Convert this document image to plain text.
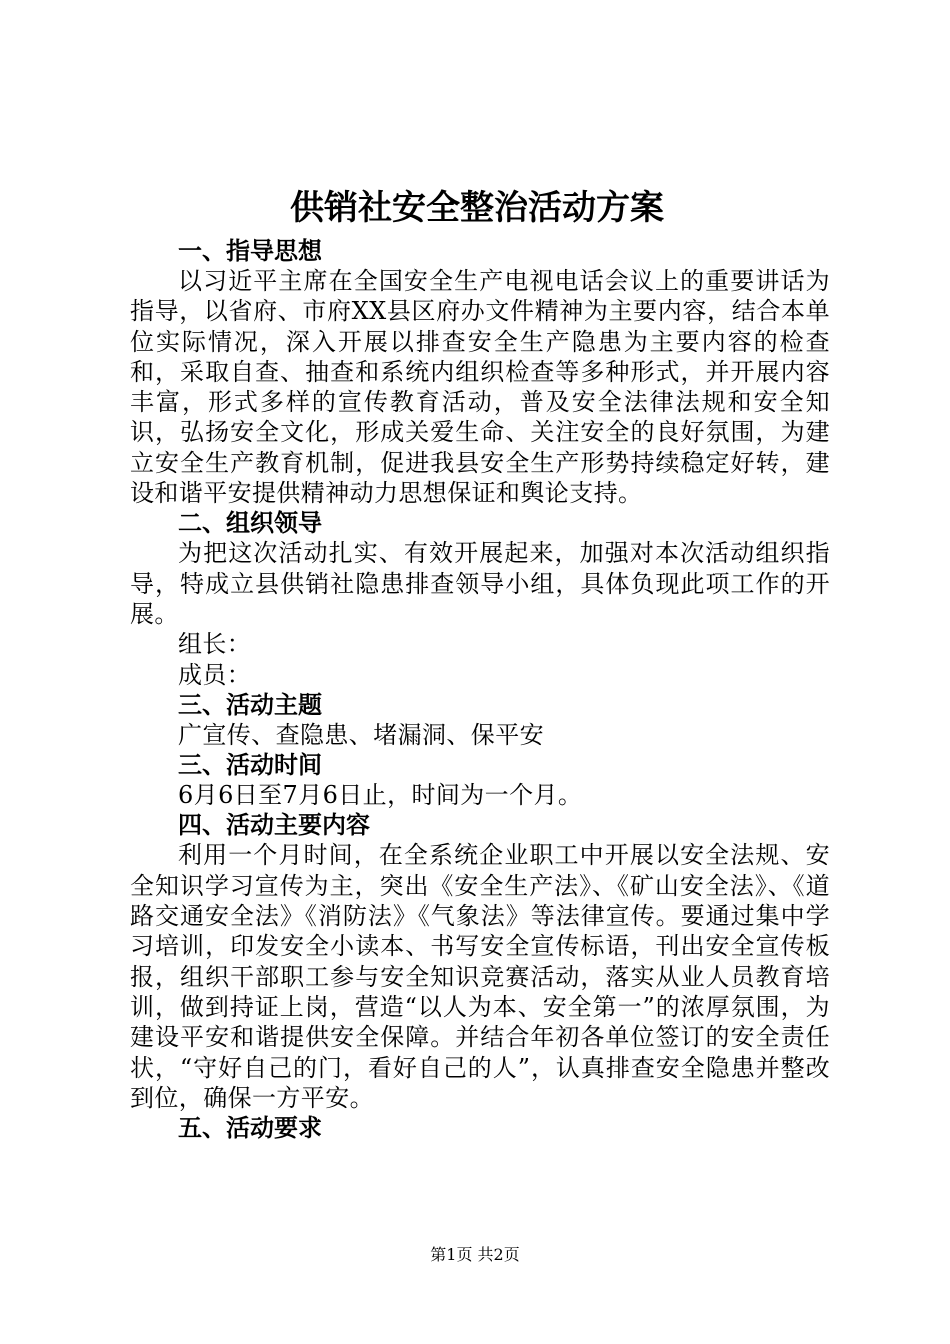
供销社安全整治活动方案
一、指导思想

以习近平主席在全国安全生产电视电话会议上的重要讲话为指导，以省府、市府XX县区府办文件精神为主要内容，结合本单位实际情况，深入开展以排查安全生产隐患为主要内容的检查和，采取自查、抽查和系统内组织检查等多种形式，并开展内容丰富，形式多样的宣传教育活动，普及安全法律法规和安全知识，弘扬安全文化，形成关爱生命、关注安全的良好氛围，为建立安全生产教育机制，促进我县安全生产形势持续稳定好转，建设和谐平安提供精神动力思想保证和舆论支持。

二、组织领导

为把这次活动扎实、有效开展起来，加强对本次活动组织指导，特成立县供销社隐患排查领导小组，具体负现此项工作的开展。

组长：

成员：

三、活动主题

广宣传、查隐患、堵漏洞、保平安

三、活动时间

6月6日至7月6日止，时间为一个月。

四、活动主要内容

利用一个月时间，在全系统企业职工中开展以安全法规、安全知识学习宣传为主，突出《安全生产法》、《矿山安全法》、《道路交通安全法》《消防法》《气象法》等法律宣传。要通过集中学习培训，印发安全小读本、书写安全宣传标语，刊出安全宣传板报，组织干部职工参与安全知识竞赛活动，落实从业人员教育培训，做到持证上岗，营造“以人为本、安全第一”的浓厚氛围，为建设平安和谐提供安全保障。并结合年初各单位签订的安全责任状，“守好自己的门，看好自己的人”，认真排查安全隐患并整改到位，确保一方平安。

五、活动要求
第1页 共2页
